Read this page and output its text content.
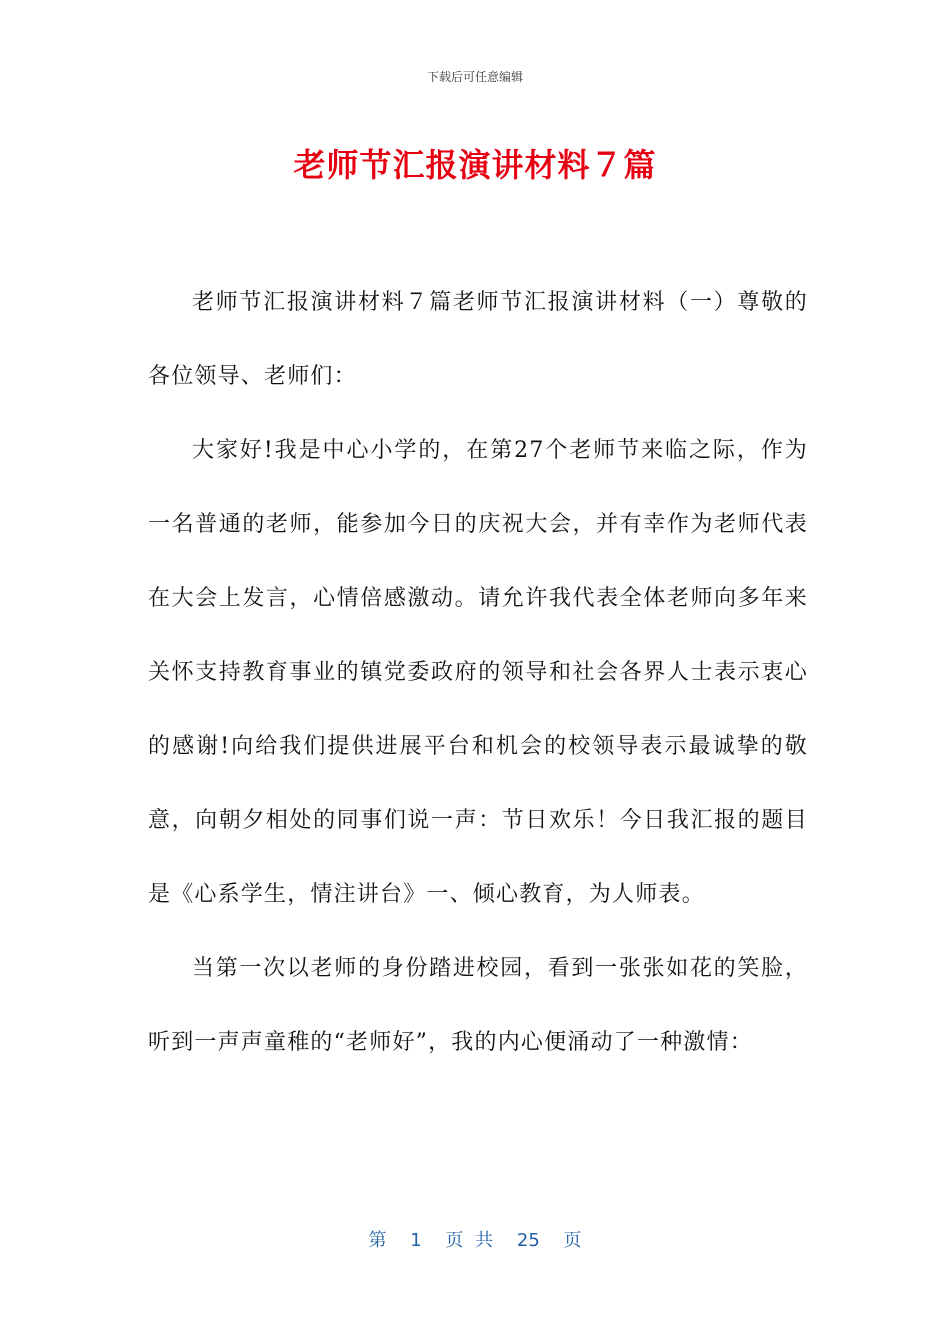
下载后可任意编辑
老师节汇报演讲材料７篇

老师节汇报演讲材料７篇老师节汇报演讲材料（一）尊敬的各位领导、老师们：

大家好!我是中心小学的，在第27个老师节来临之际，作为一名普通的老师，能参加今日的庆祝大会，并有幸作为老师代表在大会上发言，心情倍感激动。请允许我代表全体老师向多年来关怀支持教育事业的镇党委政府的领导和社会各界人士表示衷心的感谢!向给我们提供进展平台和机会的校领导表示最诚挚的敬意，向朝夕相处的同事们说一声：节日欢乐！今日我汇报的题目是《心系学生，情注讲台》一、倾心教育，为人师表。

当第一次以老师的身份踏进校园，看到一张张如花的笑脸，听到一声声童稚的“老师好”，我的内心便涌动了一种激情：

第 1 页 共 25 页
